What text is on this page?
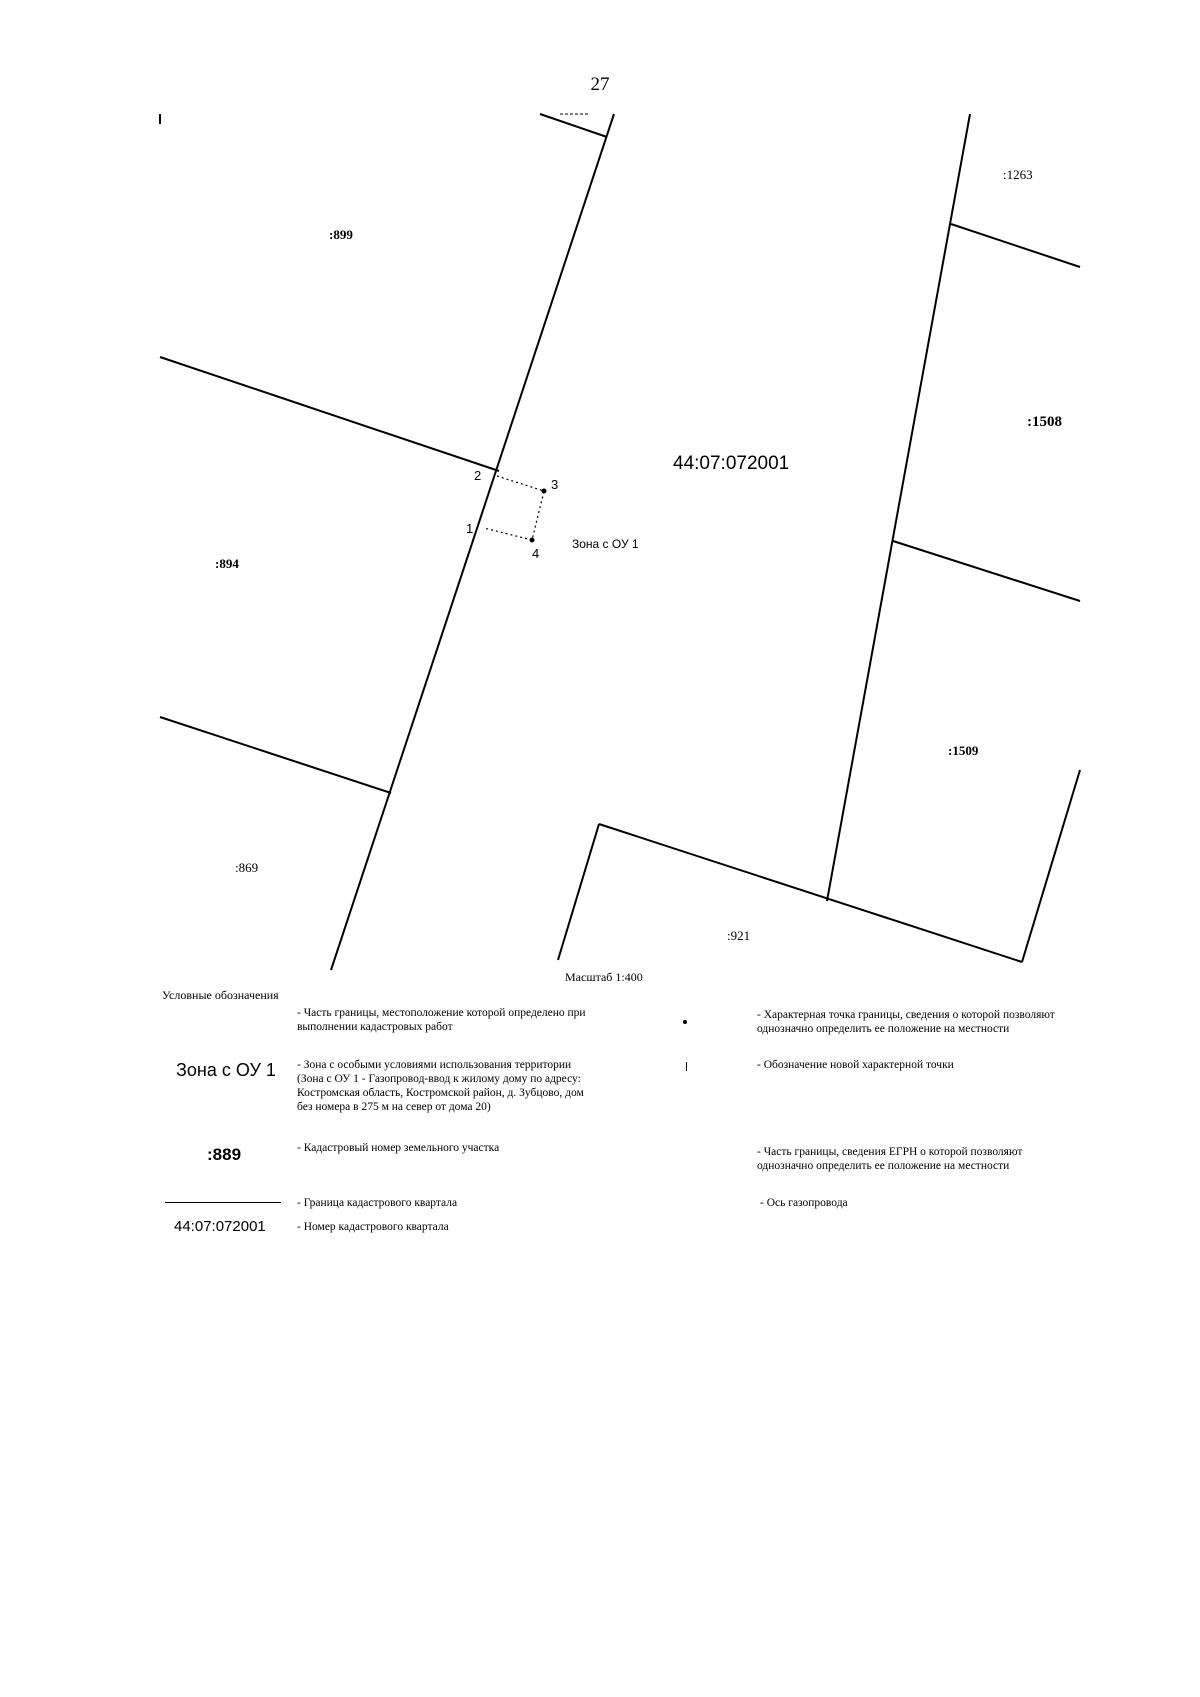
27
:899
:894
:869
:1263
:1508
:1509
:921
44:07:072001
2
3
1
4
Зона с ОУ 1
Масштаб 1:400
Условные обозначения
- Часть границы, местоположение которой определено при выполнении кадастровых работ
Зона с ОУ 1 - Зона с особыми условиями использования территории (Зона с ОУ 1 - Газопровод-ввод к жилому дому по адресу: Костромская область, Костромской район, д. Зубцово, дом без номера в 275 м на север от дома 20)
:889	- Кадастровый номер земельного участка
- Граница кадастрового квартала
44:07:072001	- Номер кадастрового квартала
- Характерная точка границы, сведения о которой позволяют однозначно определить ее положение на местности
- Обозначение новой характерной точки
- Часть границы, сведения ЕГРН о которой позволяют однозначно определить ее положение на местности
- Ось газопровода
